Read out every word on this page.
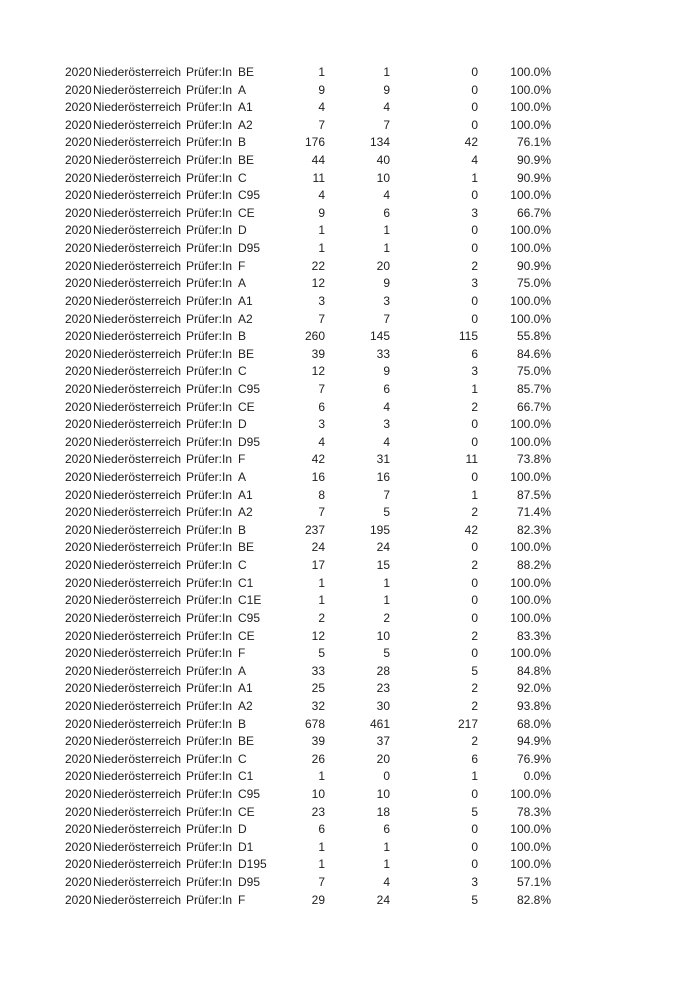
2020 Niederösterreich Prüfer:In BE	1	1	0	100.0%
2020 Niederösterreich Prüfer:In A	9	9	0	100.0%
2020 Niederösterreich Prüfer:In A1	4	4	0	100.0%
2020 Niederösterreich Prüfer:In A2	7	7	0	100.0%
2020 Niederösterreich Prüfer:In B	176	134	42	76.1%
2020 Niederösterreich Prüfer:In BE	44	40	4	90.9%
2020 Niederösterreich Prüfer:In C	11	10	1	90.9%
2020 Niederösterreich Prüfer:In C95	4	4	0	100.0%
2020 Niederösterreich Prüfer:In CE	9	6	3	66.7%
2020 Niederösterreich Prüfer:In D	1	1	0	100.0%
2020 Niederösterreich Prüfer:In D95	1	1	0	100.0%
2020 Niederösterreich Prüfer:In F	22	20	2	90.9%
2020 Niederösterreich Prüfer:In A	12	9	3	75.0%
2020 Niederösterreich Prüfer:In A1	3	3	0	100.0%
2020 Niederösterreich Prüfer:In A2	7	7	0	100.0%
2020 Niederösterreich Prüfer:In B	260	145	115	55.8%
2020 Niederösterreich Prüfer:In BE	39	33	6	84.6%
2020 Niederösterreich Prüfer:In C	12	9	3	75.0%
2020 Niederösterreich Prüfer:In C95	7	6	1	85.7%
2020 Niederösterreich Prüfer:In CE	6	4	2	66.7%
2020 Niederösterreich Prüfer:In D	3	3	0	100.0%
2020 Niederösterreich Prüfer:In D95	4	4	0	100.0%
2020 Niederösterreich Prüfer:In F	42	31	11	73.8%
2020 Niederösterreich Prüfer:In A	16	16	0	100.0%
2020 Niederösterreich Prüfer:In A1	8	7	1	87.5%
2020 Niederösterreich Prüfer:In A2	7	5	2	71.4%
2020 Niederösterreich Prüfer:In B	237	195	42	82.3%
2020 Niederösterreich Prüfer:In BE	24	24	0	100.0%
2020 Niederösterreich Prüfer:In C	17	15	2	88.2%
2020 Niederösterreich Prüfer:In C1	1	1	0	100.0%
2020 Niederösterreich Prüfer:In C1E	1	1	0	100.0%
2020 Niederösterreich Prüfer:In C95	2	2	0	100.0%
2020 Niederösterreich Prüfer:In CE	12	10	2	83.3%
2020 Niederösterreich Prüfer:In F	5	5	0	100.0%
2020 Niederösterreich Prüfer:In A	33	28	5	84.8%
2020 Niederösterreich Prüfer:In A1	25	23	2	92.0%
2020 Niederösterreich Prüfer:In A2	32	30	2	93.8%
2020 Niederösterreich Prüfer:In B	678	461	217	68.0%
2020 Niederösterreich Prüfer:In BE	39	37	2	94.9%
2020 Niederösterreich Prüfer:In C	26	20	6	76.9%
2020 Niederösterreich Prüfer:In C1	1	0	1	0.0%
2020 Niederösterreich Prüfer:In C95	10	10	0	100.0%
2020 Niederösterreich Prüfer:In CE	23	18	5	78.3%
2020 Niederösterreich Prüfer:In D	6	6	0	100.0%
2020 Niederösterreich Prüfer:In D1	1	1	0	100.0%
2020 Niederösterreich Prüfer:In D195	1	1	0	100.0%
2020 Niederösterreich Prüfer:In D95	7	4	3	57.1%
2020 Niederösterreich Prüfer:In F	29	24	5	82.8%
